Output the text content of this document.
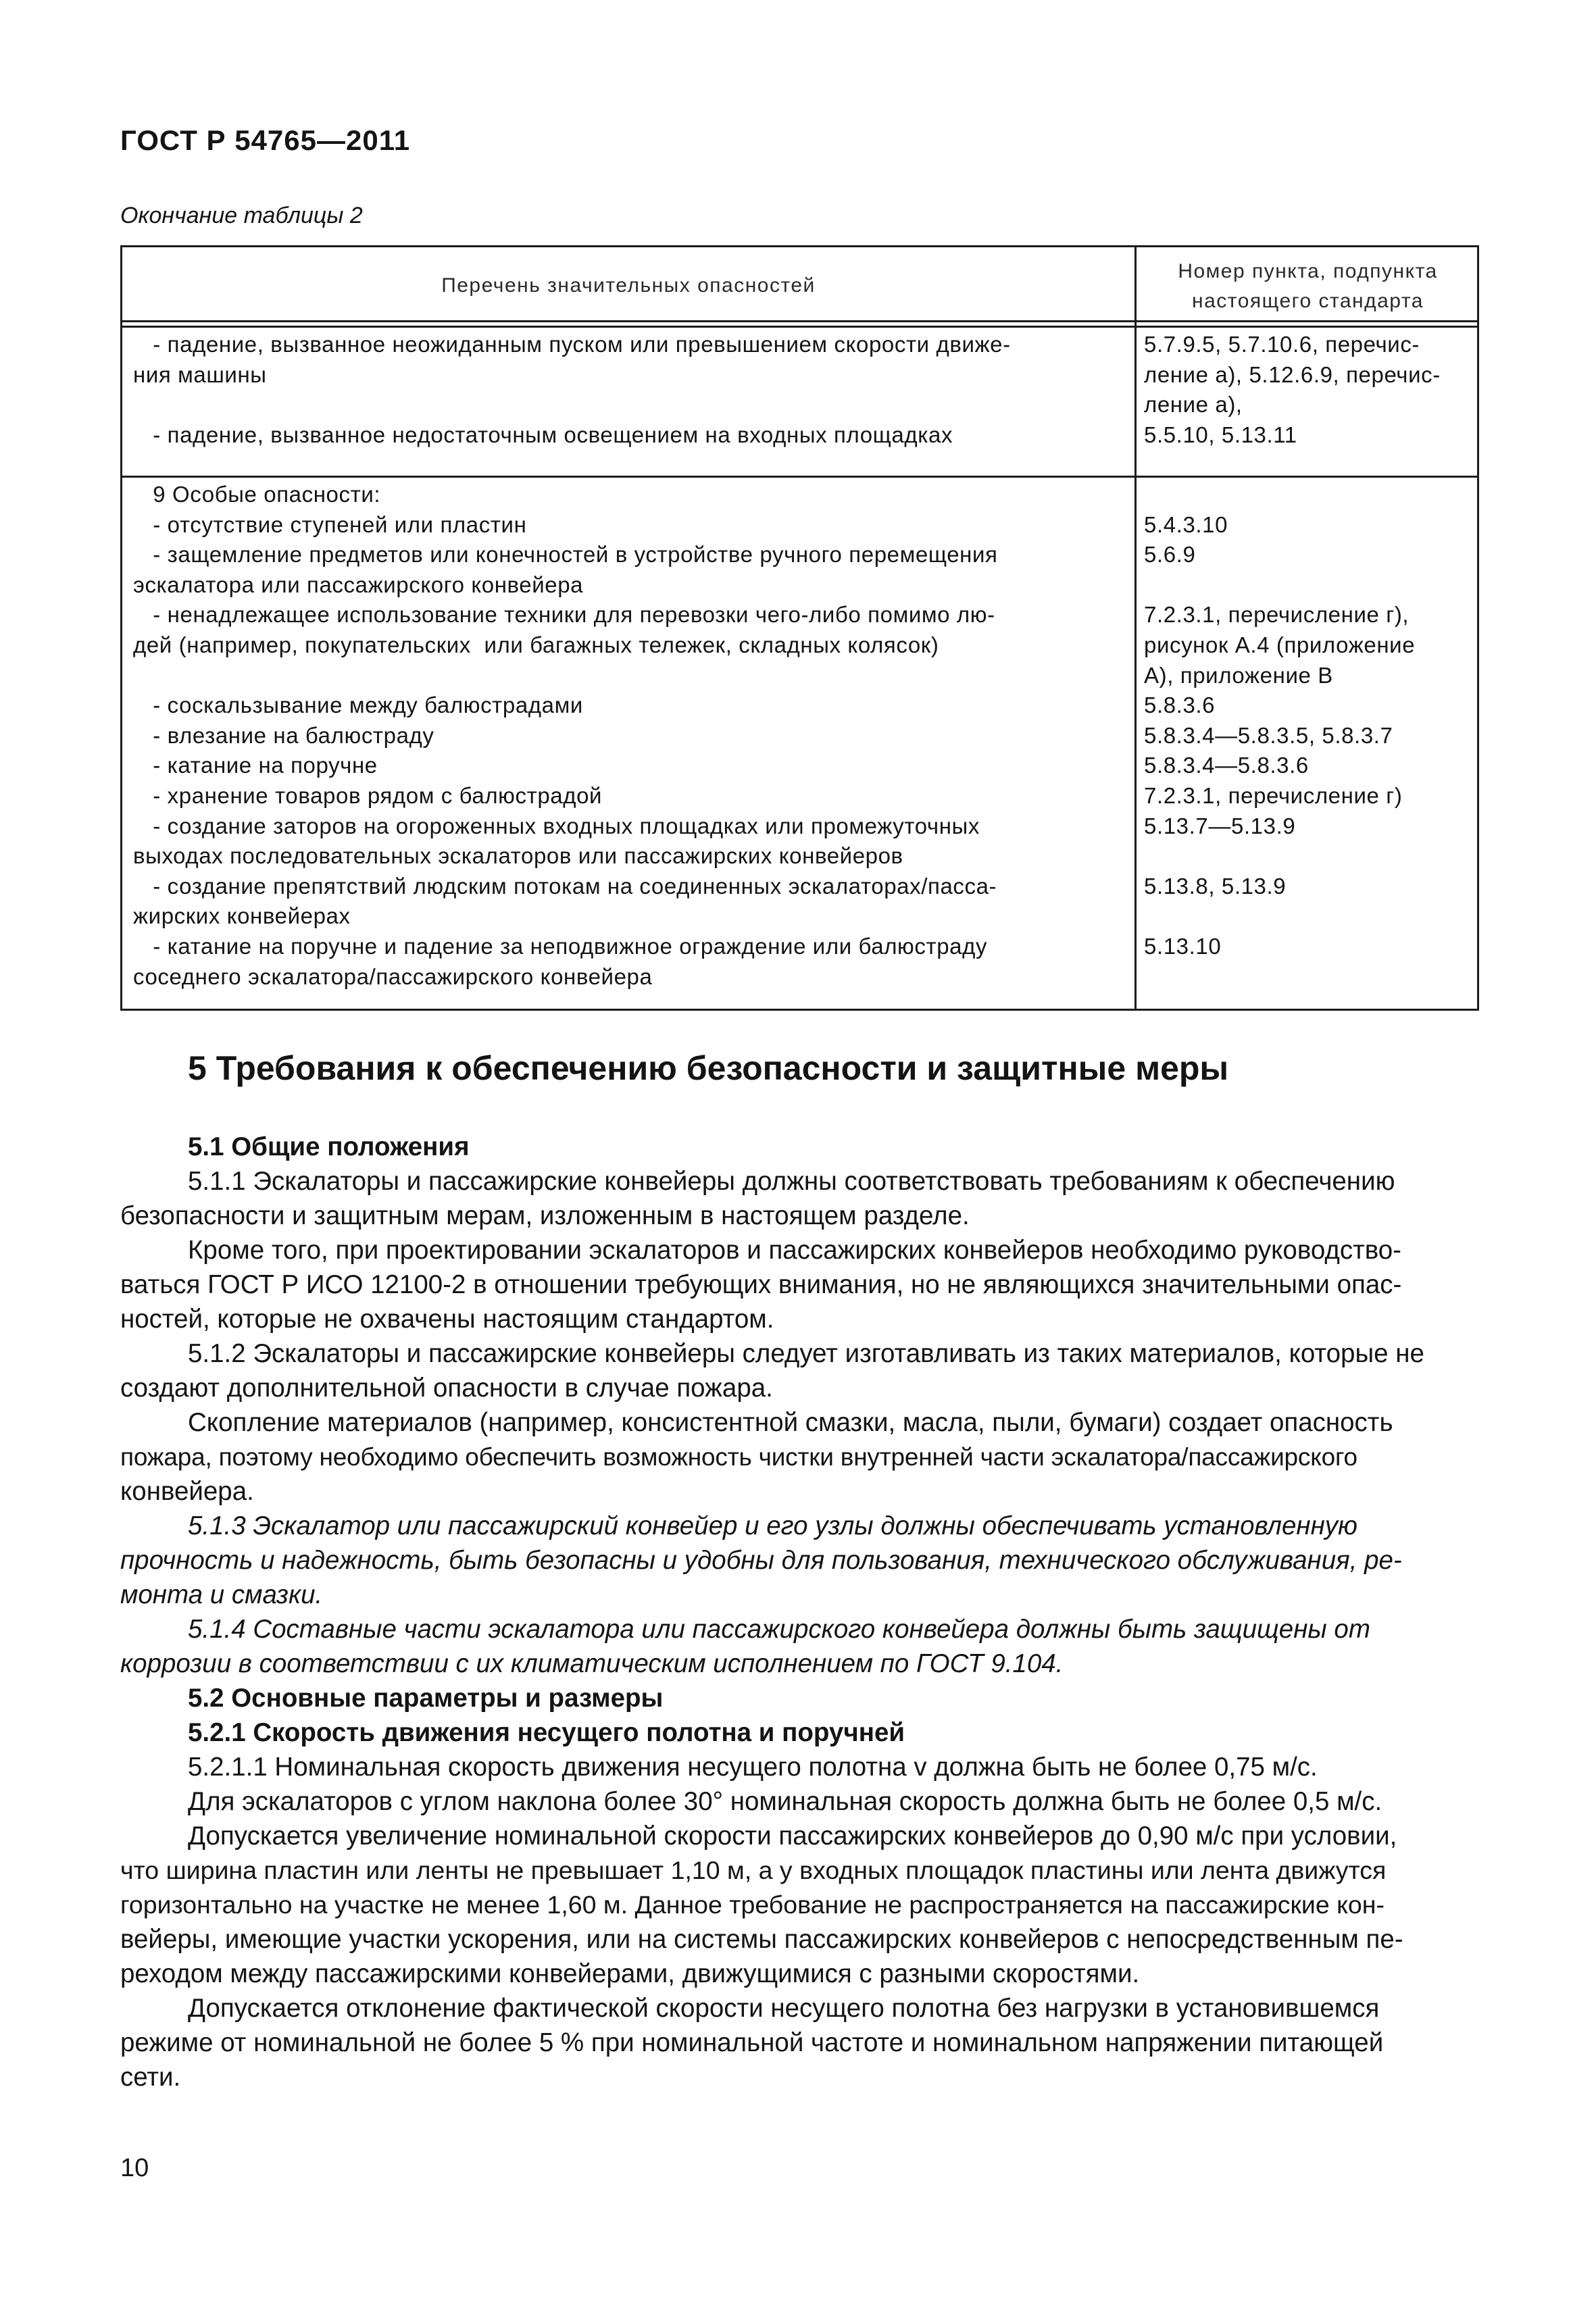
ГОСТ Р 54765—2011
Окончание таблицы 2
Перечень значительных опасностей
Номер пункта, подпункта
настоящего стандарта
- падение, вызванное неожиданным пуском или превышением скорости движе-
ния машины
- падение, вызванное недостаточным освещением на входных площадках
5.7.9.5, 5.7.10.6, перечис-
ление а), 5.12.6.9, перечис-
ление а),
5.5.10, 5.13.11
9 Особые опасности:
- отсутствие ступеней или пластин
- защемление предметов или конечностей в устройстве ручного перемещения
эскалатора или пассажирского конвейера
- ненадлежащее использование техники для перевозки чего-либо помимо лю-
дей (например, покупательских  или багажных тележек, складных колясок)
- соскальзывание между балюстрадами
- влезание на балюстраду
- катание на поручне
- хранение товаров рядом с балюстрадой
- создание заторов на огороженных входных площадках или промежуточных
выходах последовательных эскалаторов или пассажирских конвейеров
- создание препятствий людским потокам на соединенных эскалаторах/пасса-
жирских конвейерах
- катание на поручне и падение за неподвижное ограждение или балюстраду
соседнего эскалатора/пассажирского конвейера
5.4.3.10
5.6.9
7.2.3.1, перечисление г),
рисунок А.4 (приложение
А), приложение В
5.8.3.6
5.8.3.4—5.8.3.5, 5.8.3.7
5.8.3.4—5.8.3.6
7.2.3.1, перечисление г)
5.13.7—5.13.9
5.13.8, 5.13.9
5.13.10
5 Требования к обеспечению безопасности и защитные меры
5.1 Общие положения
5.1.1 Эскалаторы и пассажирские конвейеры должны соответствовать требованиям к обеспечению
безопасности и защитным мерам, изложенным в настоящем разделе.
Кроме того, при проектировании эскалаторов и пассажирских конвейеров необходимо руководство-
ваться ГОСТ Р ИСО 12100-2 в отношении требующих внимания, но не являющихся значительными опас-
ностей, которые не охвачены настоящим стандартом.
5.1.2 Эскалаторы и пассажирские конвейеры следует изготавливать из таких материалов, которые не
создают дополнительной опасности в случае пожара.
Скопление материалов (например, консистентной смазки, масла, пыли, бумаги) создает опасность
пожара, поэтому необходимо обеспечить возможность чистки внутренней части эскалатора/пассажирского
конвейера.
5.1.3 Эскалатор или пассажирский конвейер и его узлы должны обеспечивать установленную
прочность и надежность, быть безопасны и удобны для пользования, технического обслуживания, ре-
монта и смазки.
5.1.4 Составные части эскалатора или пассажирского конвейера должны быть защищены от
коррозии в соответствии с их климатическим исполнением по ГОСТ 9.104.
5.2 Основные параметры и размеры
5.2.1 Скорость движения несущего полотна и поручней
5.2.1.1 Номинальная скорость движения несущего полотна v должна быть не более 0,75 м/с.
Для эскалаторов с углом наклона более 30° номинальная скорость должна быть не более 0,5 м/с.
Допускается увеличение номинальной скорости пассажирских конвейеров до 0,90 м/с при условии,
что ширина пластин или ленты не превышает 1,10 м, а у входных площадок пластины или лента движутся
горизонтально на участке не менее 1,60 м. Данное требование не распространяется на пассажирские кон-
вейеры, имеющие участки ускорения, или на системы пассажирских конвейеров с непосредственным пе-
реходом между пассажирскими конвейерами, движущимися с разными скоростями.
Допускается отклонение фактической скорости несущего полотна без нагрузки в установившемся
режиме от номинальной не более 5 % при номинальной частоте и номинальном напряжении питающей
сети.
10
